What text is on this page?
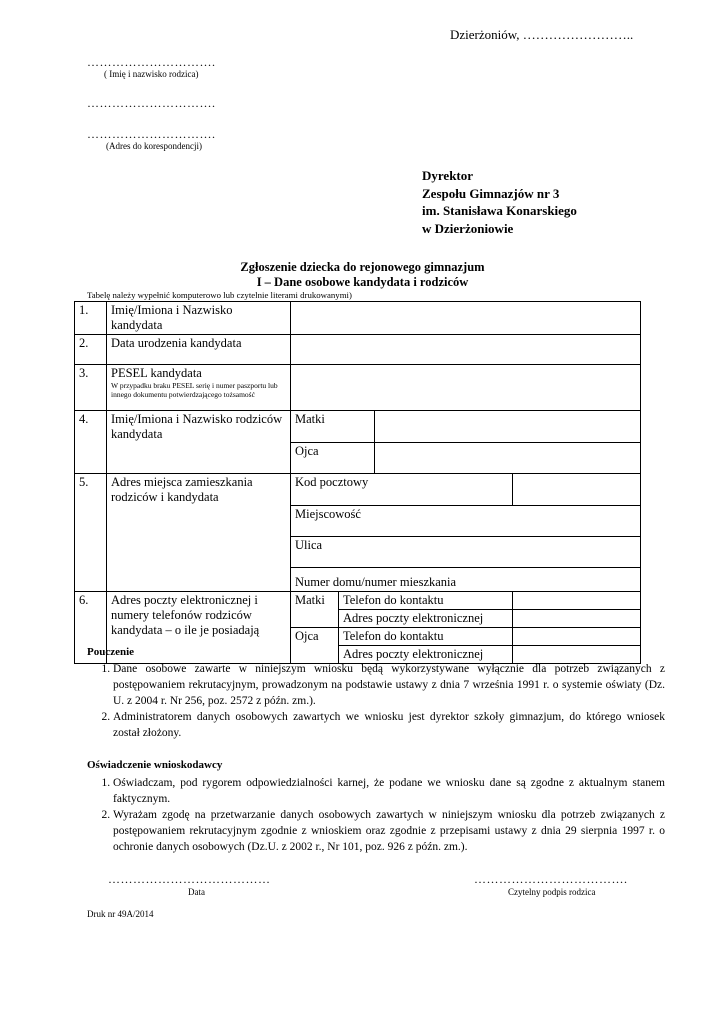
Dzierżoniów, ……………………..
………………………….
( Imię i nazwisko rodzica)
………………………….
………………………….
(Adres do korespondencji)
Dyrektor
Zespołu Gimnazjów nr 3
im. Stanisława Konarskiego
w Dzierżoniowie
Zgłoszenie dziecka do rejonowego gimnazjum
I – Dane osobowe kandydata i rodziców
Tabelę należy wypełnić komputerowo lub czytelnie literami drukowanymi)
1.	Imię/Imiona i Nazwisko kandydata				
2.	Data urodzenia kandydata				
3.	PESEL kandydata
W przypadku braku PESEL serię i numer paszportu lub innego dokumentu potwierdzającego tożsamość				

4.	Imię/Imiona i Nazwisko rodziców kandydata	Matki			
		Ojca			
5.	Adres miejsca zamieszkania rodziców i kandydata	Kod pocztowy			
		Miejscowość			
		Ulica			
		Numer domu/numer mieszkania			
6.	Adres poczty elektronicznej i numery telefonów rodziców kandydata – o ile je posiadają	Matki	Telefon do kontaktu		
			Adres poczty elektronicznej		
		Ojca	Telefon do kontaktu		
			Adres poczty elektronicznej		
Pouczenie
1. Dane osobowe zawarte w niniejszym wniosku będą wykorzystywane wyłącznie dla potrzeb związanych z postępowaniem rekrutacyjnym, prowadzonym na podstawie ustawy z dnia 7 września 1991 r. o systemie oświaty (Dz. U. z 2004 r. Nr 256, poz. 2572 z późn. zm.).
2. Administratorem danych osobowych zawartych we wniosku jest dyrektor szkoły gimnazjum, do którego wniosek został złożony.
Oświadczenie wnioskodawcy
1. Oświadczam, pod rygorem odpowiedzialności karnej, że podane we wniosku dane są zgodne z aktualnym stanem faktycznym.
2. Wyrażam zgodę na przetwarzanie danych osobowych zawartych w niniejszym wniosku dla potrzeb związanych z postępowaniem rekrutacyjnym zgodnie z wnioskiem oraz zgodnie z przepisami ustawy z dnia 29 sierpnia 1997 r. o ochronie danych osobowych (Dz.U. z 2002 r., Nr 101, poz. 926 z późn. zm.).
…………………………………
Data
……………………………….
Czytelny podpis rodzica
Druk nr 49A/2014
